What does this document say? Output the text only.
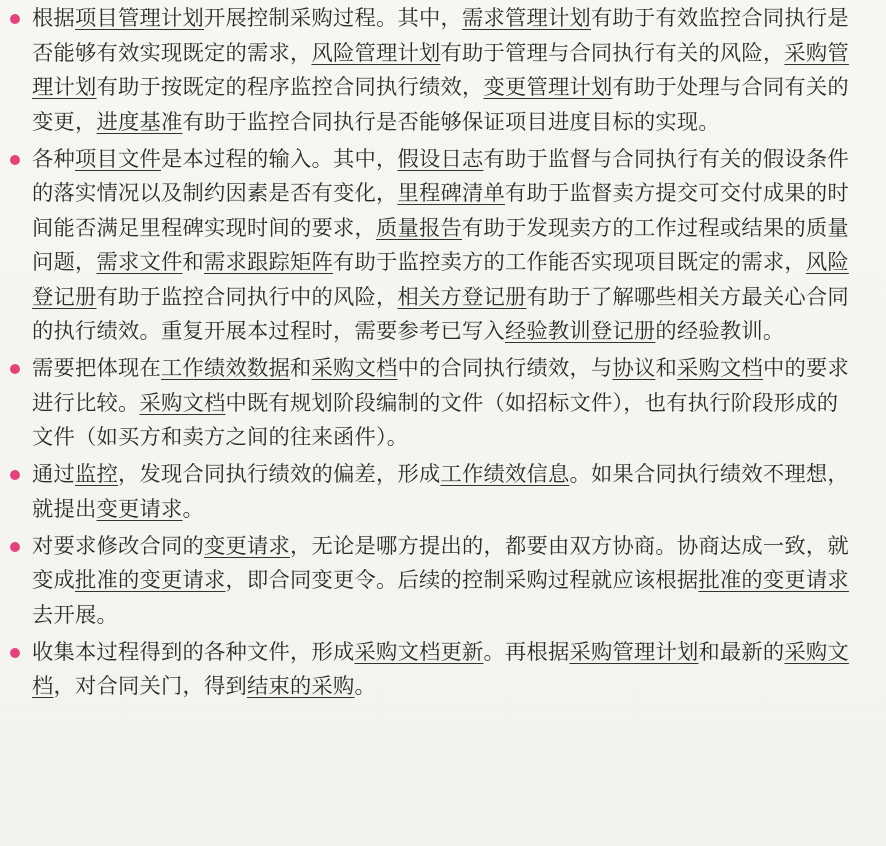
根据项目管理计划开展控制采购过程。其中，需求管理计划有助于有效监控合同执行是否能够有效实现既定的需求，风险管理计划有助于管理与合同执行有关的风险，采购管理计划有助于按既定的程序监控合同执行绩效，变更管理计划有助于处理与合同有关的变更，进度基准有助于监控合同执行是否能够保证项目进度目标的实现。
各种项目文件是本过程的输入。其中，假设日志有助于监督与合同执行有关的假设条件的落实情况以及制约因素是否有变化，里程碑清单有助于监督卖方提交可交付成果的时间能否满足里程碑实现时间的要求，质量报告有助于发现卖方的工作过程或结果的质量问题，需求文件和需求跟踪矩阵有助于监控卖方的工作能否实现项目既定的需求，风险登记册有助于监控合同执行中的风险，相关方登记册有助于了解哪些相关方最关心合同的执行绩效。重复开展本过程时，需要参考已写入经验教训登记册的经验教训。
需要把体现在工作绩效数据和采购文档中的合同执行绩效，与协议和采购文档中的要求进行比较。采购文档中既有规划阶段编制的文件（如招标文件），也有执行阶段形成的文件（如买方和卖方之间的往来函件）。
通过监控，发现合同执行绩效的偏差，形成工作绩效信息。如果合同执行绩效不理想，就提出变更请求。
对要求修改合同的变更请求，无论是哪方提出的，都要由双方协商。协商达成一致，就变成批准的变更请求，即合同变更令。后续的控制采购过程就应该根据批准的变更请求去开展。
收集本过程得到的各种文件，形成采购文档更新。再根据采购管理计划和最新的采购文档，对合同关门，得到结束的采购。
